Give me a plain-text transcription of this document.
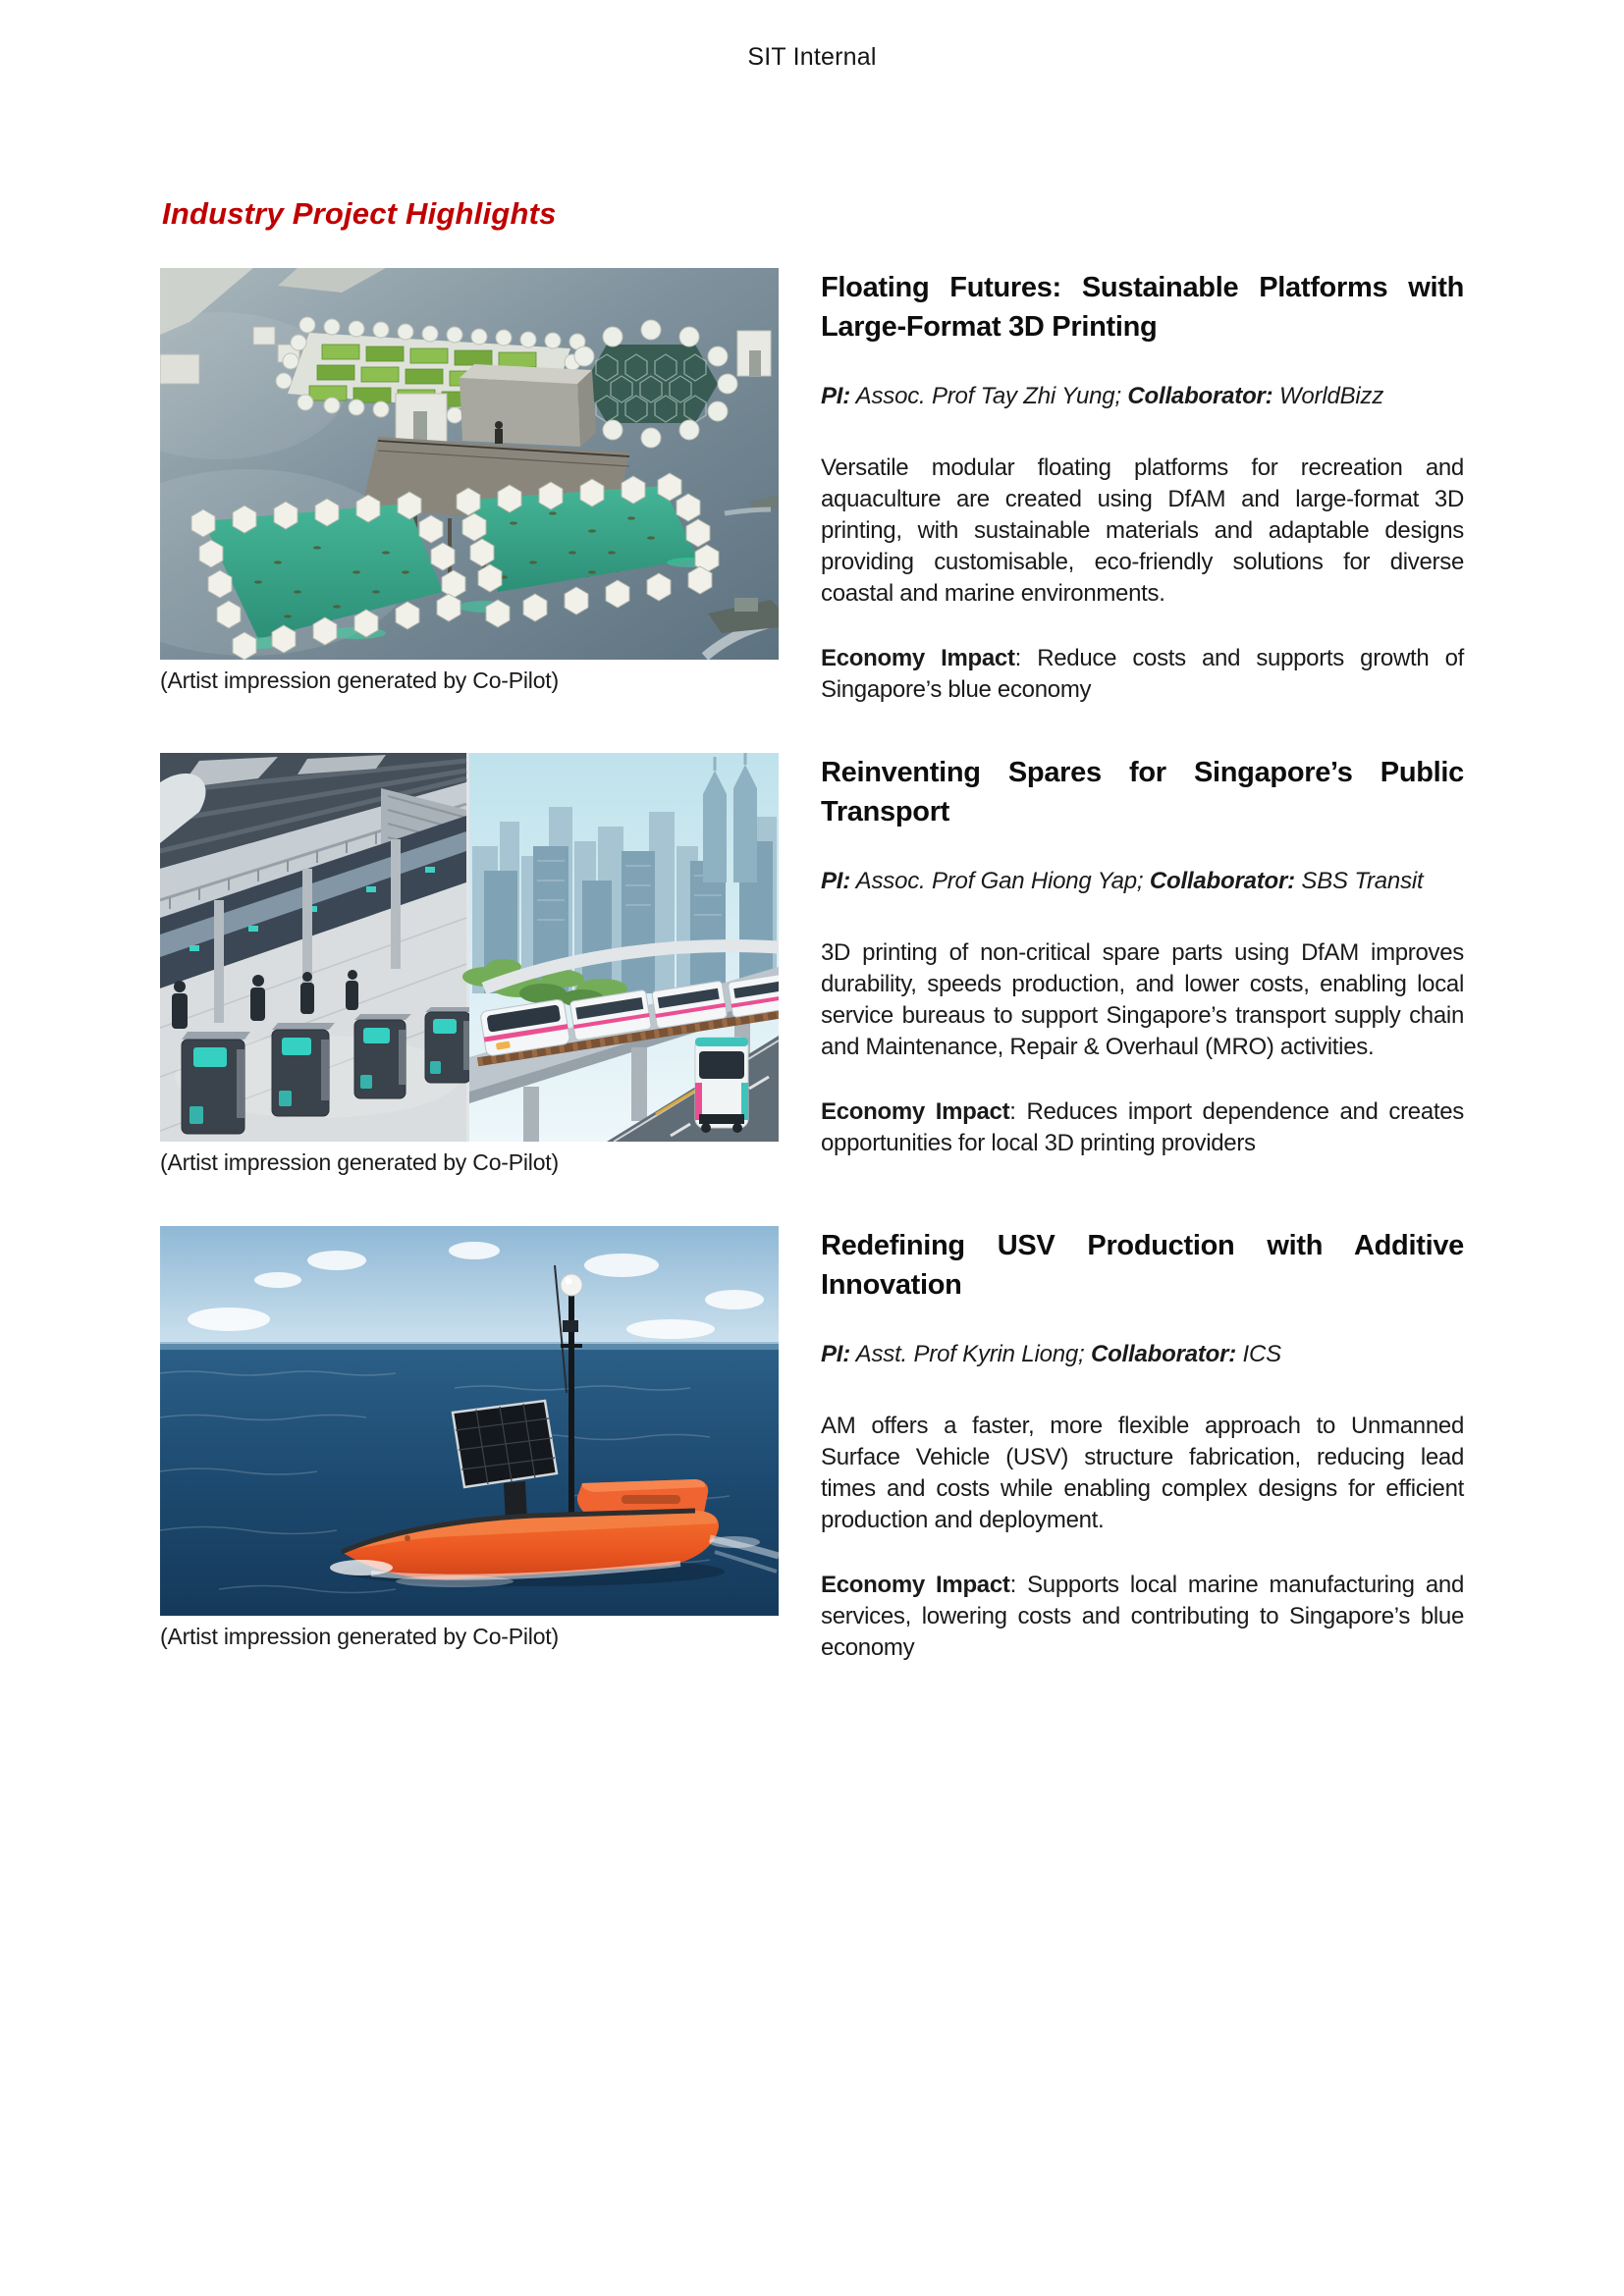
SIT Internal
Industry Project Highlights
(Artist impression generated by Co-Pilot)
Floating Futures: Sustainable Platforms with Large-Format 3D Printing

PI: Assoc. Prof Tay Zhi Yung; Collaborator: WorldBizz

Versatile modular floating platforms for recreation and aquaculture are created using DfAM and large-format 3D printing, with sustainable materials and adaptable designs providing customisable, eco-friendly solutions for diverse coastal and marine environments.

Economy Impact: Reduce costs and supports growth of Singapore’s blue economy

(Artist impression generated by Co-Pilot)
Reinventing Spares for Singapore’s Public Transport

PI: Assoc. Prof Gan Hiong Yap; Collaborator: SBS Transit

3D printing of non-critical spare parts using DfAM improves durability, speeds production, and lower costs, enabling local service bureaus to support Singapore’s transport supply chain and Maintenance, Repair & Overhaul (MRO) activities.

Economy Impact: Reduces import dependence and creates opportunities for local 3D printing providers

(Artist impression generated by Co-Pilot)
Redefining USV Production with Additive Innovation

PI: Asst. Prof Kyrin Liong; Collaborator: ICS

AM offers a faster, more flexible approach to Unmanned Surface Vehicle (USV) structure fabrication, reducing lead times and costs while enabling complex designs for efficient production and deployment.

Economy Impact: Supports local marine manufacturing and services, lowering costs and contributing to Singapore’s blue economy
